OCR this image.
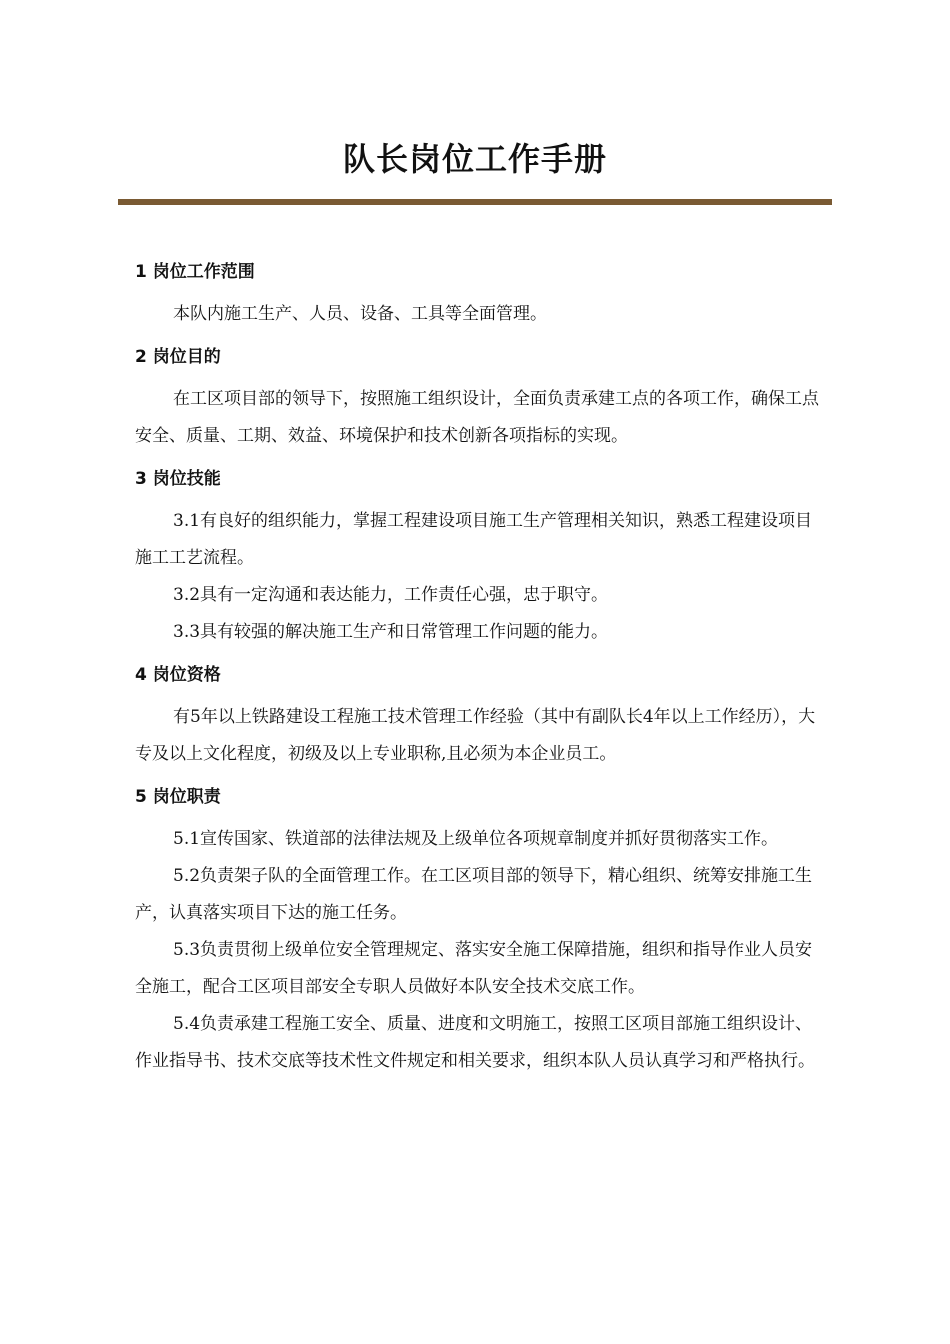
队长岗位工作手册
1 岗位工作范围

本队内施工生产、人员、设备、工具等全面管理。

2 岗位目的

在工区项目部的领导下，按照施工组织设计，全面负责承建工点的各项工作，确保工点安全、质量、工期、效益、环境保护和技术创新各项指标的实现。

3 岗位技能

3.1有良好的组织能力，掌握工程建设项目施工生产管理相关知识，熟悉工程建设项目施工工艺流程。

3.2具有一定沟通和表达能力，工作责任心强，忠于职守。

3.3具有较强的解决施工生产和日常管理工作问题的能力。

4 岗位资格

有5年以上铁路建设工程施工技术管理工作经验（其中有副队长4年以上工作经历），大专及以上文化程度，初级及以上专业职称,且必须为本企业员工。

5 岗位职责

5.1宣传国家、铁道部的法律法规及上级单位各项规章制度并抓好贯彻落实工作。

5.2负责架子队的全面管理工作。在工区项目部的领导下，精心组织、统筹安排施工生产，认真落实项目下达的施工任务。

5.3负责贯彻上级单位安全管理规定、落实安全施工保障措施，组织和指导作业人员安全施工，配合工区项目部安全专职人员做好本队安全技术交底工作。

5.4负责承建工程施工安全、质量、进度和文明施工，按照工区项目部施工组织设计、作业指导书、技术交底等技术性文件规定和相关要求，组织本队人员认真学习和严格执行。
